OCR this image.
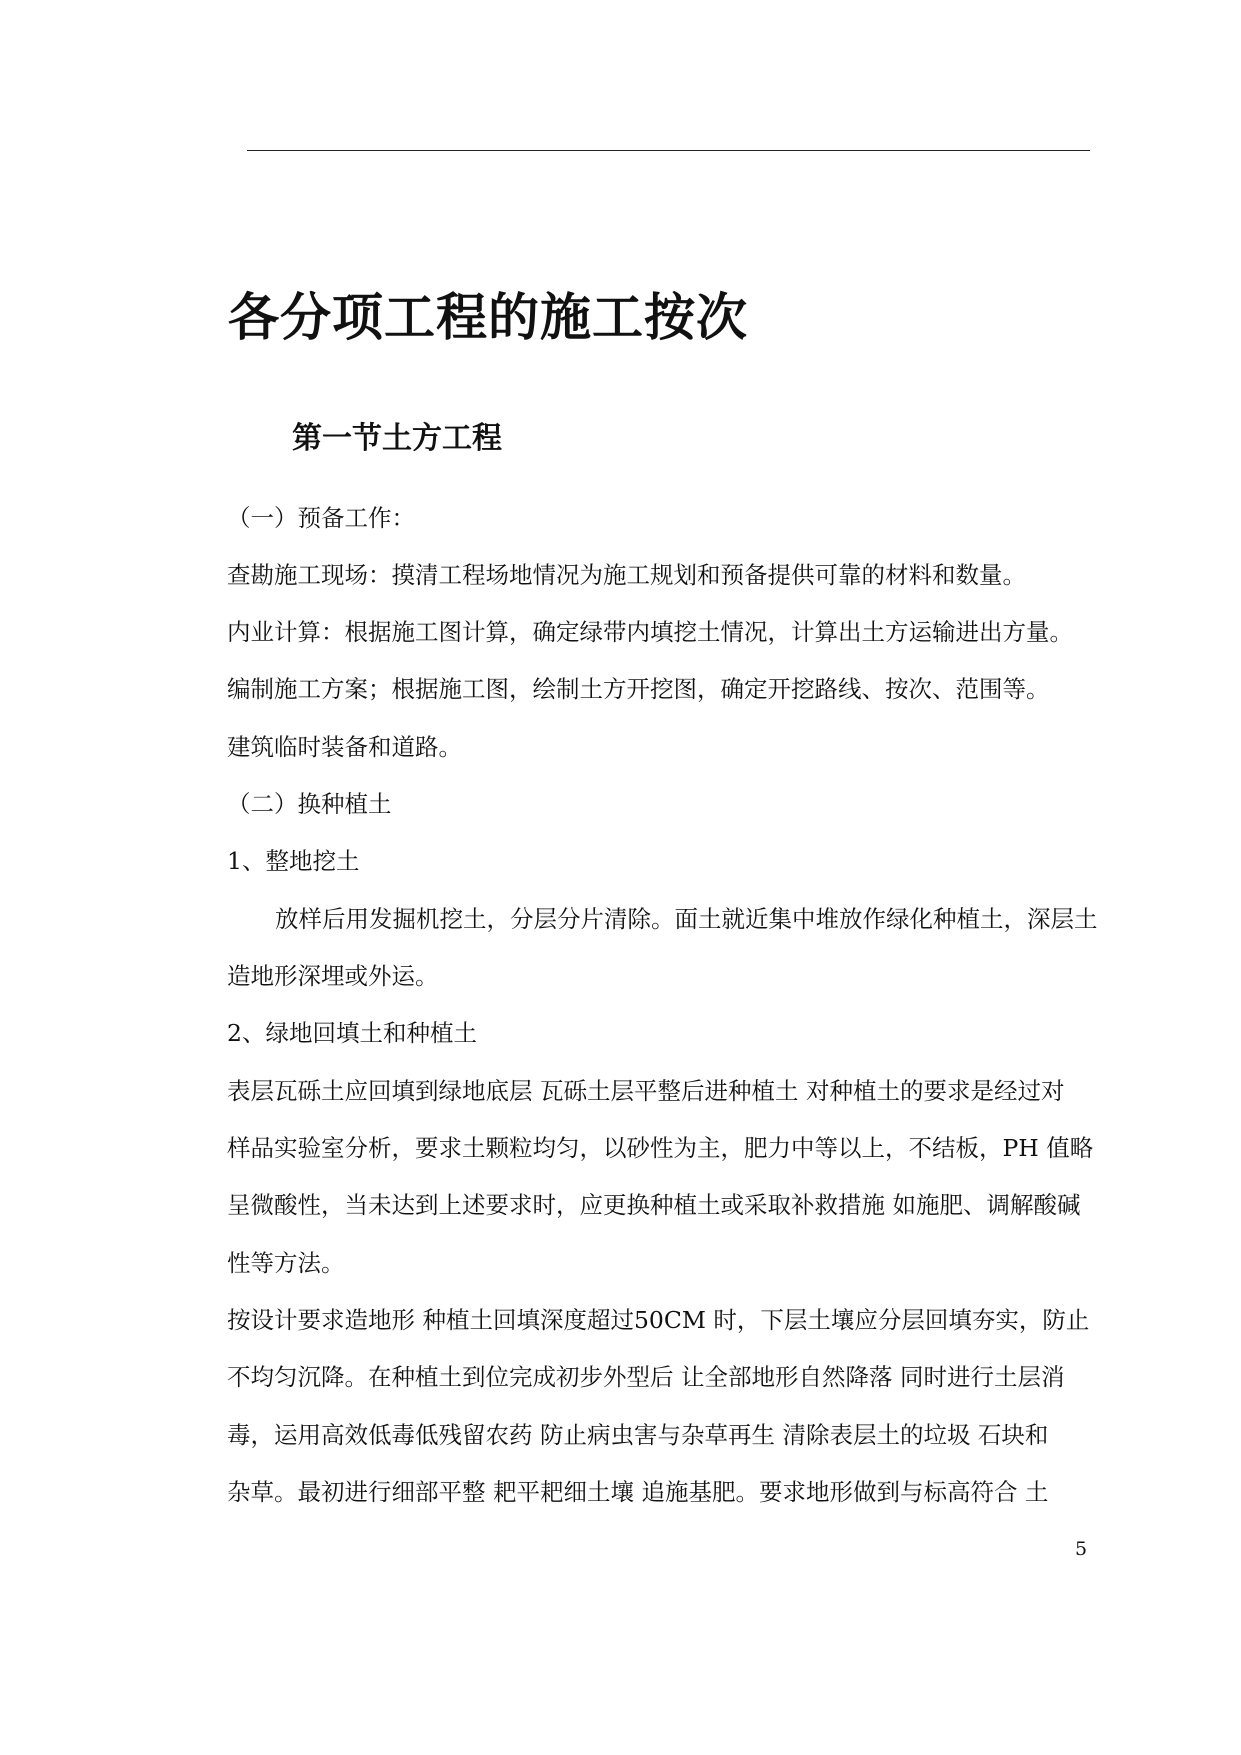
各分项工程的施工按次
第一节土方工程

（一）预备工作：

查勘施工现场：摸清工程场地情况为施工规划和预备提供可靠的材料和数量。

内业计算：根据施工图计算，确定绿带内填挖土情况，计算出土方运输进出方量。

编制施工方案；根据施工图，绘制土方开挖图，确定开挖路线、按次、范围等。

建筑临时装备和道路。

（二）换种植土

1、整地挖土

放样后用发掘机挖土，分层分片清除。面土就近集中堆放作绿化种植土，深层土

造地形深埋或外运。

2、绿地回填土和种植土

表层瓦砾土应回填到绿地底层 瓦砾土层平整后进种植土 对种植土的要求是经过对

样品实验室分析，要求土颗粒均匀，以砂性为主，肥力中等以上，不结板，PH 值略

呈微酸性，当未达到上述要求时，应更换种植土或采取补救措施 如施肥、调解酸碱

性等方法。

按设计要求造地形 种植土回填深度超过50CM 时，下层土壤应分层回填夯实，防止

不均匀沉降。在种植土到位完成初步外型后 让全部地形自然降落 同时进行土层消

毒，运用高效低毒低残留农药 防止病虫害与杂草再生 清除表层土的垃圾 石块和

杂草。最初进行细部平整 耙平耙细土壤 追施基肥。要求地形做到与标高符合 土

5
